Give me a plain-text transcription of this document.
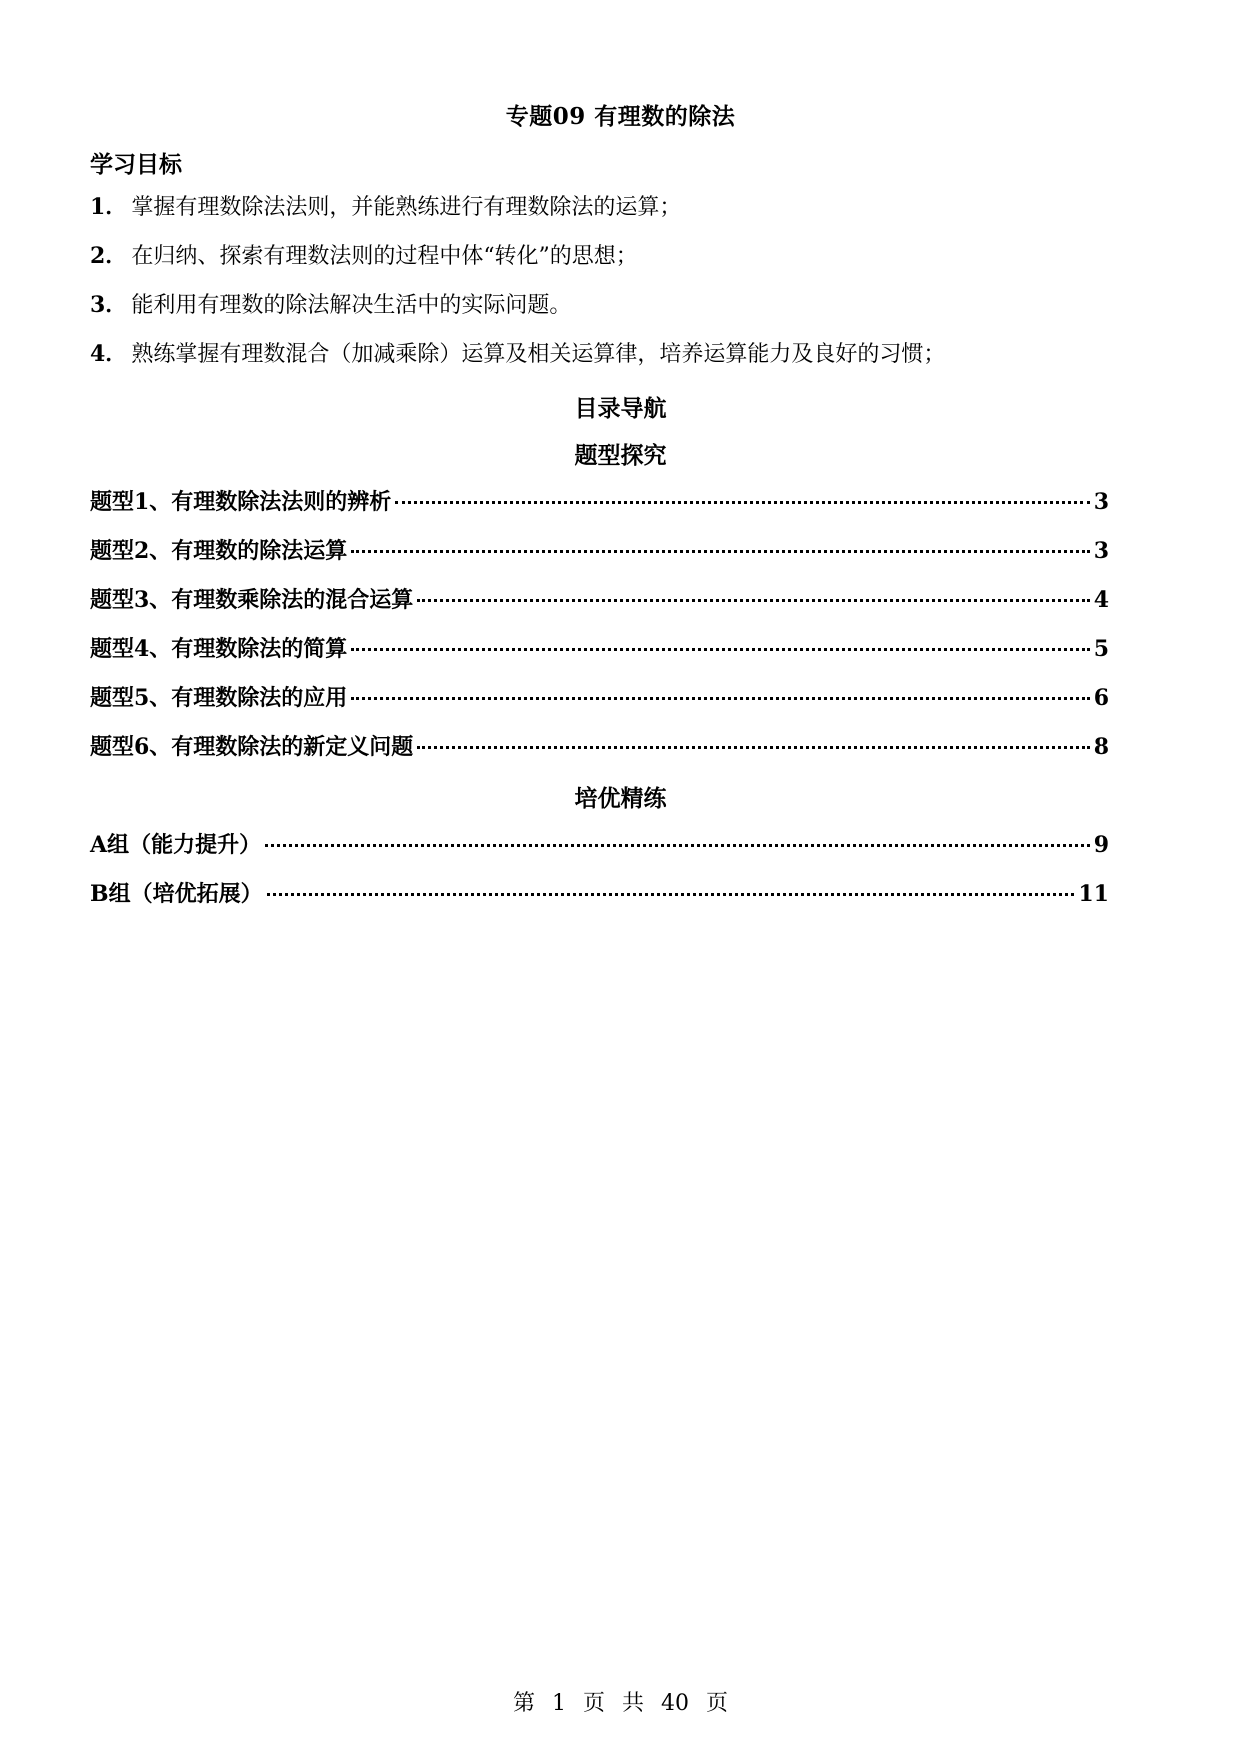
专题09 有理数的除法
学习目标
1． 掌握有理数除法法则，并能熟练进行有理数除法的运算；
2． 在归纳、探索有理数法则的过程中体“转化”的思想；
3． 能利用有理数的除法解决生活中的实际问题。
4． 熟练掌握有理数混合（加减乘除）运算及相关运算律，培养运算能力及良好的习惯；
目录导航
题型探究
题型1、有理数除法法则的辨析	3
题型2、有理数的除法运算	3
题型3、有理数乘除法的混合运算	4
题型4、有理数除法的简算	5
题型5、有理数除法的应用	6
题型6、有理数除法的新定义问题	8
培优精练
A组（能力提升）	9
B组（培优拓展）	11
第 1 页 共 40 页
